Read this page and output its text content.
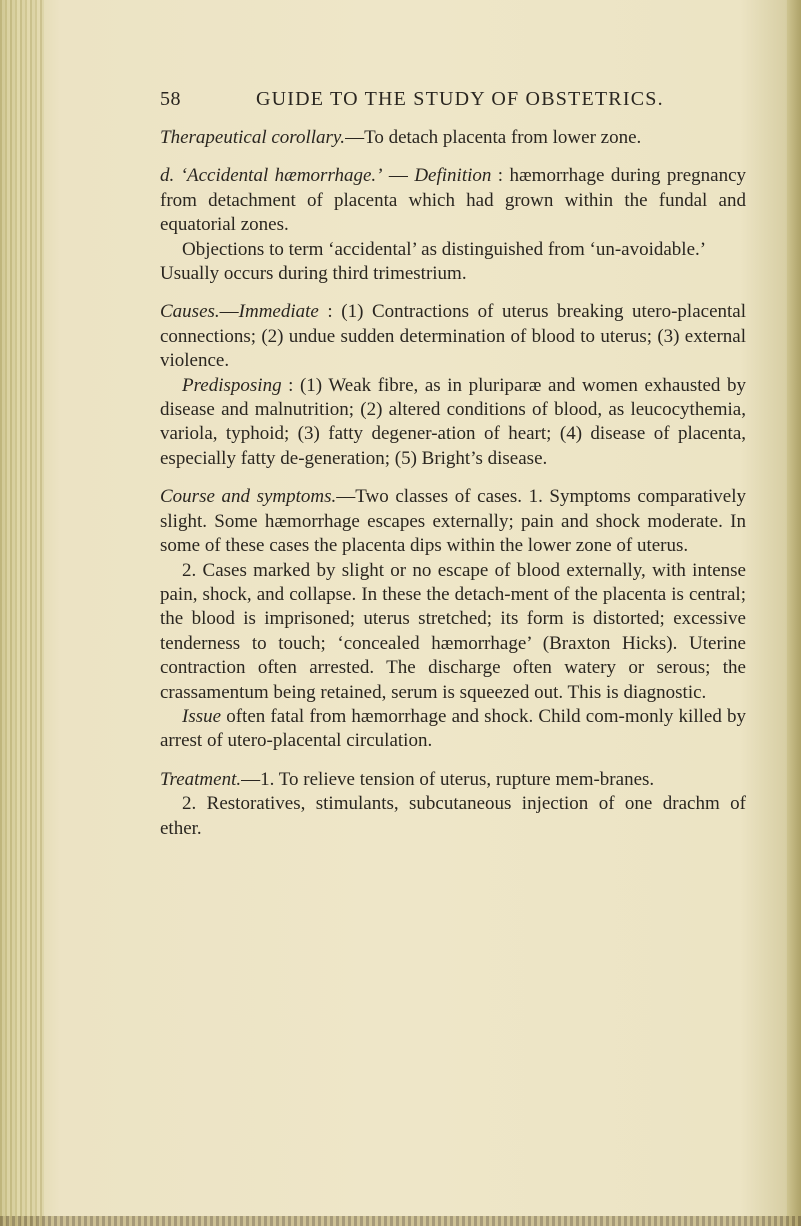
58	GUIDE TO THE STUDY OF OBSTETRICS.

Therapeutical corollary.—To detach placenta from lower zone.

d. ‘Accidental hæmorrhage.’ — Definition : hæmorrhage during pregnancy from detachment of placenta which had grown within the fundal and equatorial zones.

Objections to term ‘accidental’ as distinguished from ‘un-avoidable.’

Usually occurs during third trimestrium.

Causes.—Immediate : (1) Contractions of uterus breaking utero-placental connections; (2) undue sudden determination of blood to uterus; (3) external violence.

Predisposing : (1) Weak fibre, as in pluriparæ and women exhausted by disease and malnutrition; (2) altered conditions of blood, as leucocythemia, variola, typhoid; (3) fatty degener-ation of heart; (4) disease of placenta, especially fatty de-generation; (5) Bright’s disease.

Course and symptoms.—Two classes of cases. 1. Symptoms comparatively slight. Some hæmorrhage escapes externally; pain and shock moderate. In some of these cases the placenta dips within the lower zone of uterus.

2. Cases marked by slight or no escape of blood externally, with intense pain, shock, and collapse. In these the detach-ment of the placenta is central; the blood is imprisoned; uterus stretched; its form is distorted; excessive tenderness to touch; ‘concealed hæmorrhage’ (Braxton Hicks). Uterine contraction often arrested. The discharge often watery or serous; the crassamentum being retained, serum is squeezed out. This is diagnostic.

Issue often fatal from hæmorrhage and shock. Child com-monly killed by arrest of utero-placental circulation.

Treatment.—1. To relieve tension of uterus, rupture mem-branes.

2. Restoratives, stimulants, subcutaneous injection of one drachm of ether.
